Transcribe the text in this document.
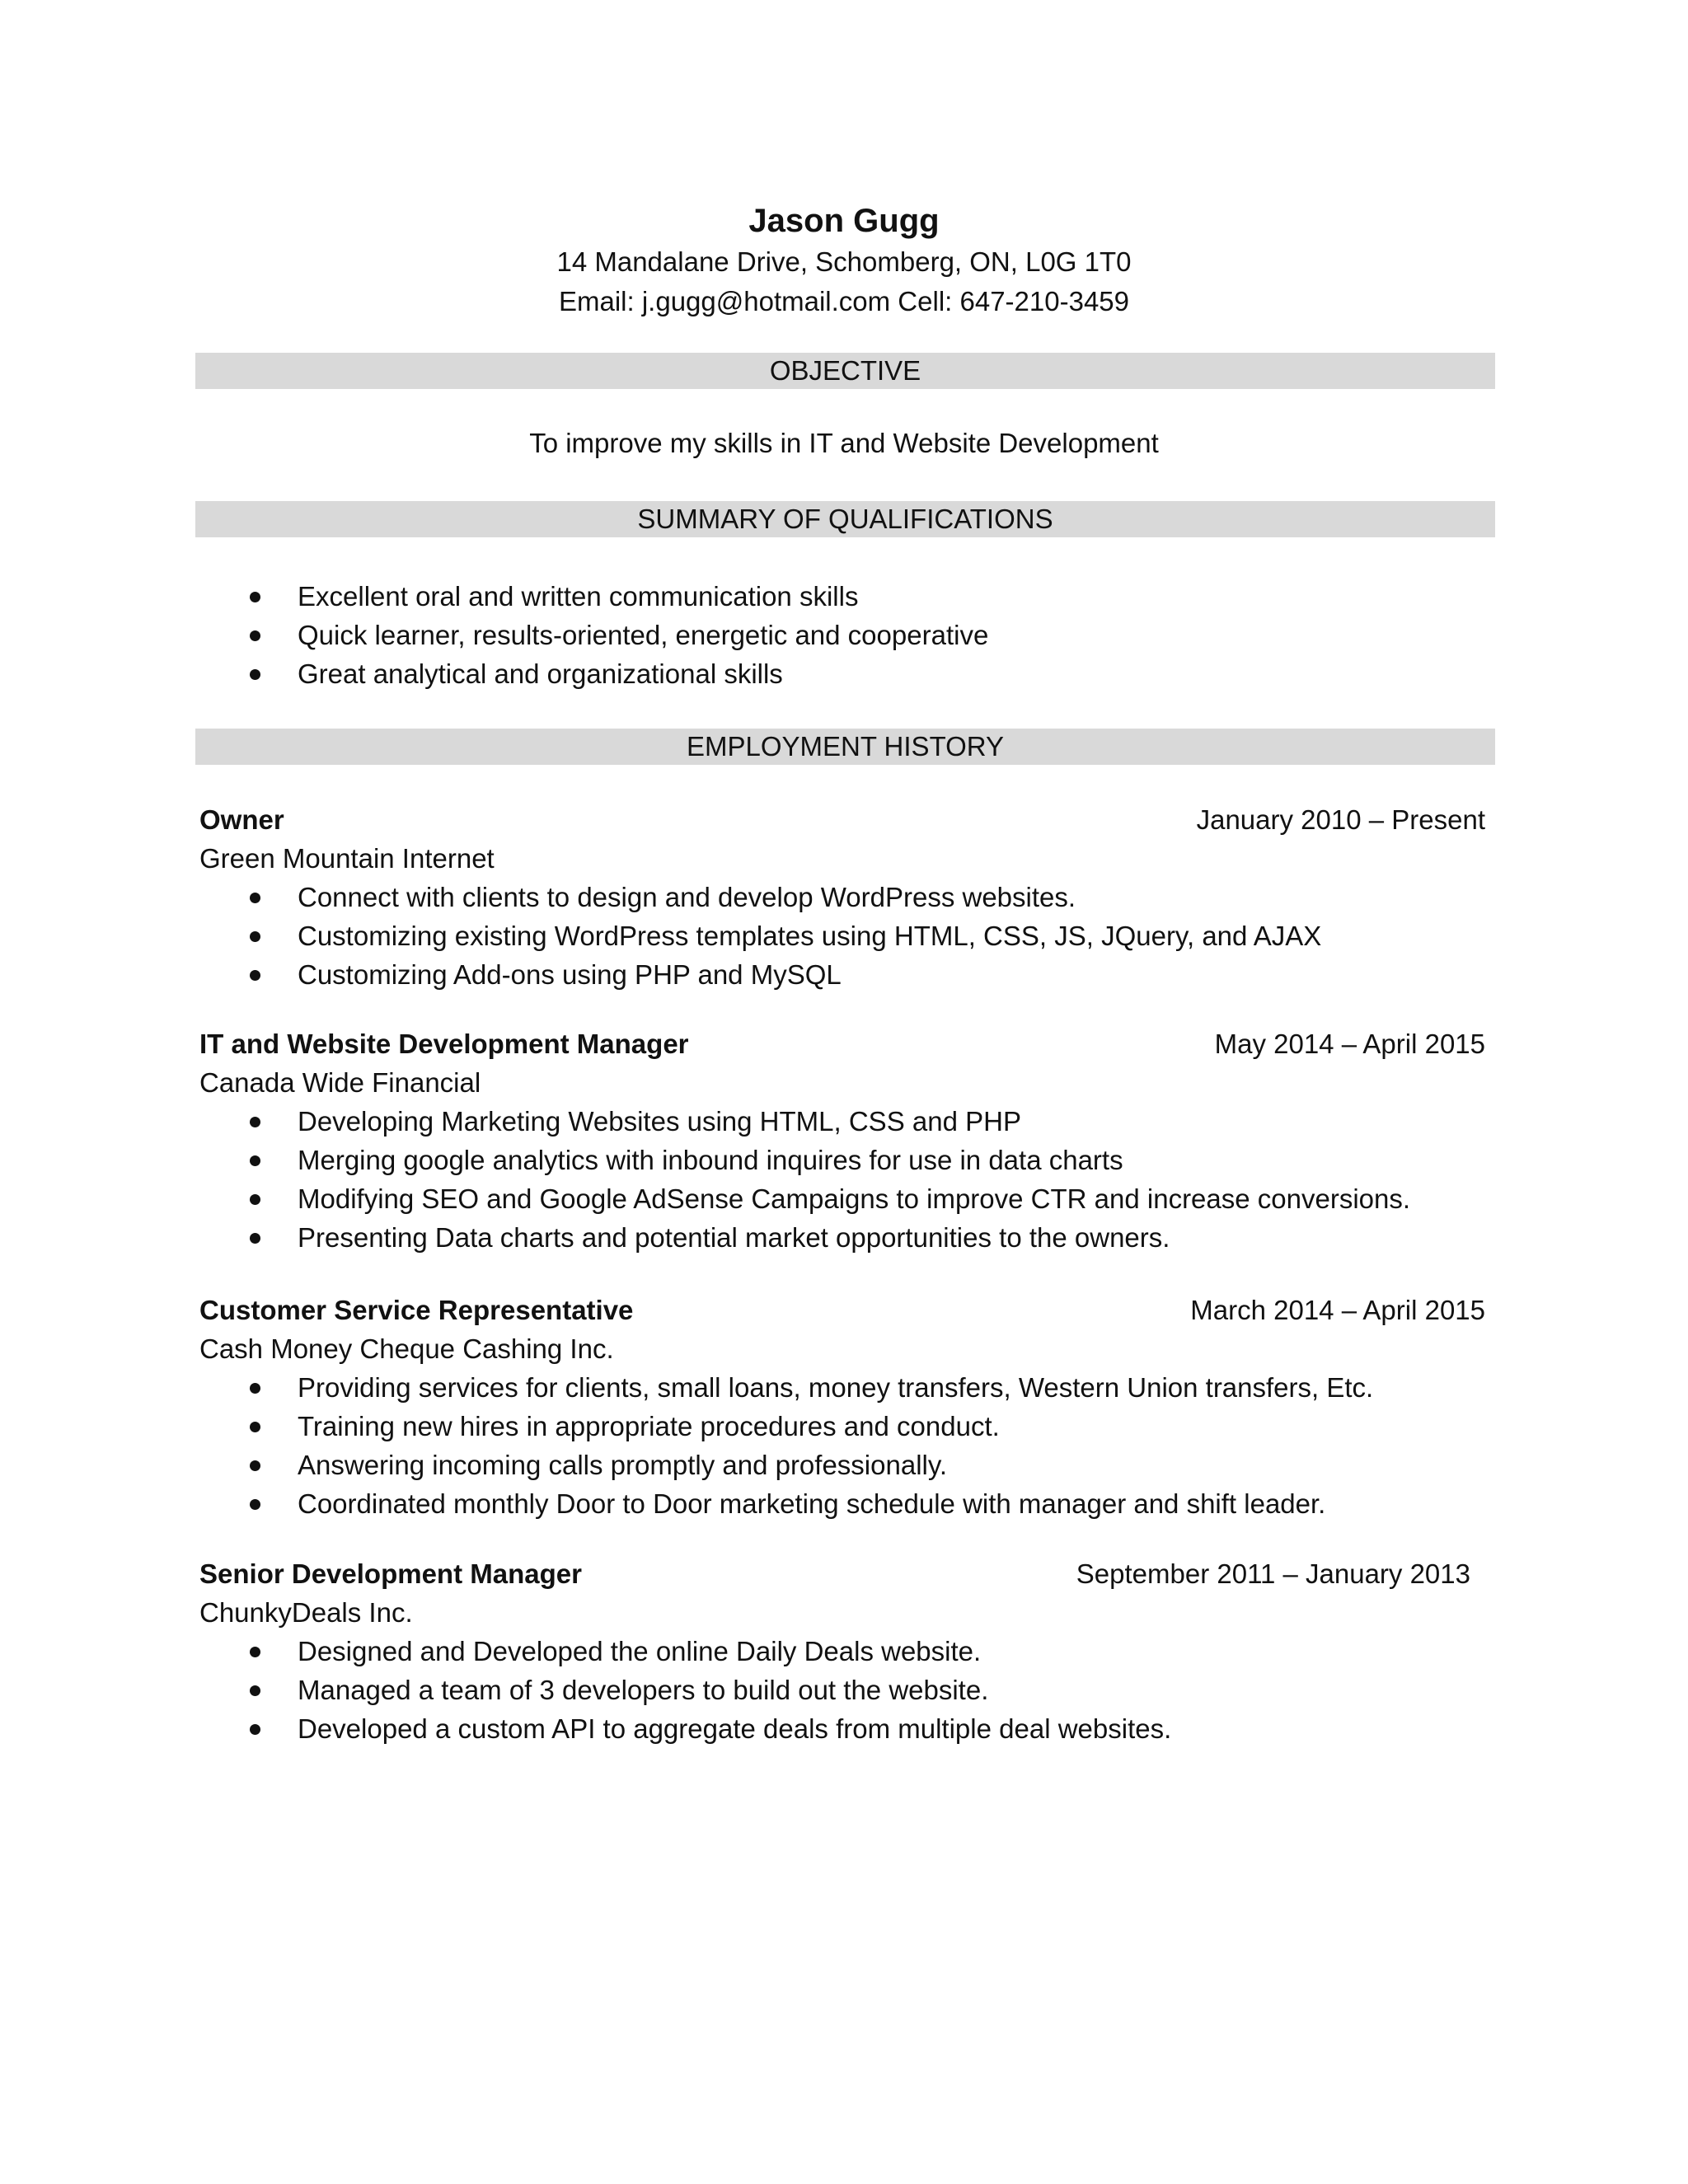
Jason Gugg
14 Mandalane Drive, Schomberg, ON, L0G 1T0
Email: j.gugg@hotmail.com Cell: 647-210-3459
OBJECTIVE
To improve my skills in IT and Website Development
SUMMARY OF QUALIFICATIONS
Excellent oral and written communication skills
Quick learner, results-oriented, energetic and cooperative
Great analytical and organizational skills
EMPLOYMENT HISTORY
Owner	January 2010 – Present
Green Mountain Internet
Connect with clients to design and develop WordPress websites.
Customizing existing WordPress templates using HTML, CSS, JS, JQuery, and AJAX
Customizing Add-ons using PHP and MySQL
IT and Website Development Manager	May 2014 – April 2015
Canada Wide Financial
Developing Marketing Websites using HTML, CSS and PHP
Merging google analytics with inbound inquires for use in data charts
Modifying SEO and Google AdSense Campaigns to improve CTR and increase conversions.
Presenting Data charts and potential market opportunities to the owners.
Customer Service Representative	March 2014 – April 2015
Cash Money Cheque Cashing Inc.
Providing services for clients, small loans, money transfers, Western Union transfers, Etc.
Training new hires in appropriate procedures and conduct.
Answering incoming calls promptly and professionally.
Coordinated monthly Door to Door marketing schedule with manager and shift leader.
Senior Development Manager	September 2011 – January 2013
ChunkyDeals Inc.
Designed and Developed the online Daily Deals website.
Managed a team of 3 developers to build out the website.
Developed a custom API to aggregate deals from multiple deal websites.
